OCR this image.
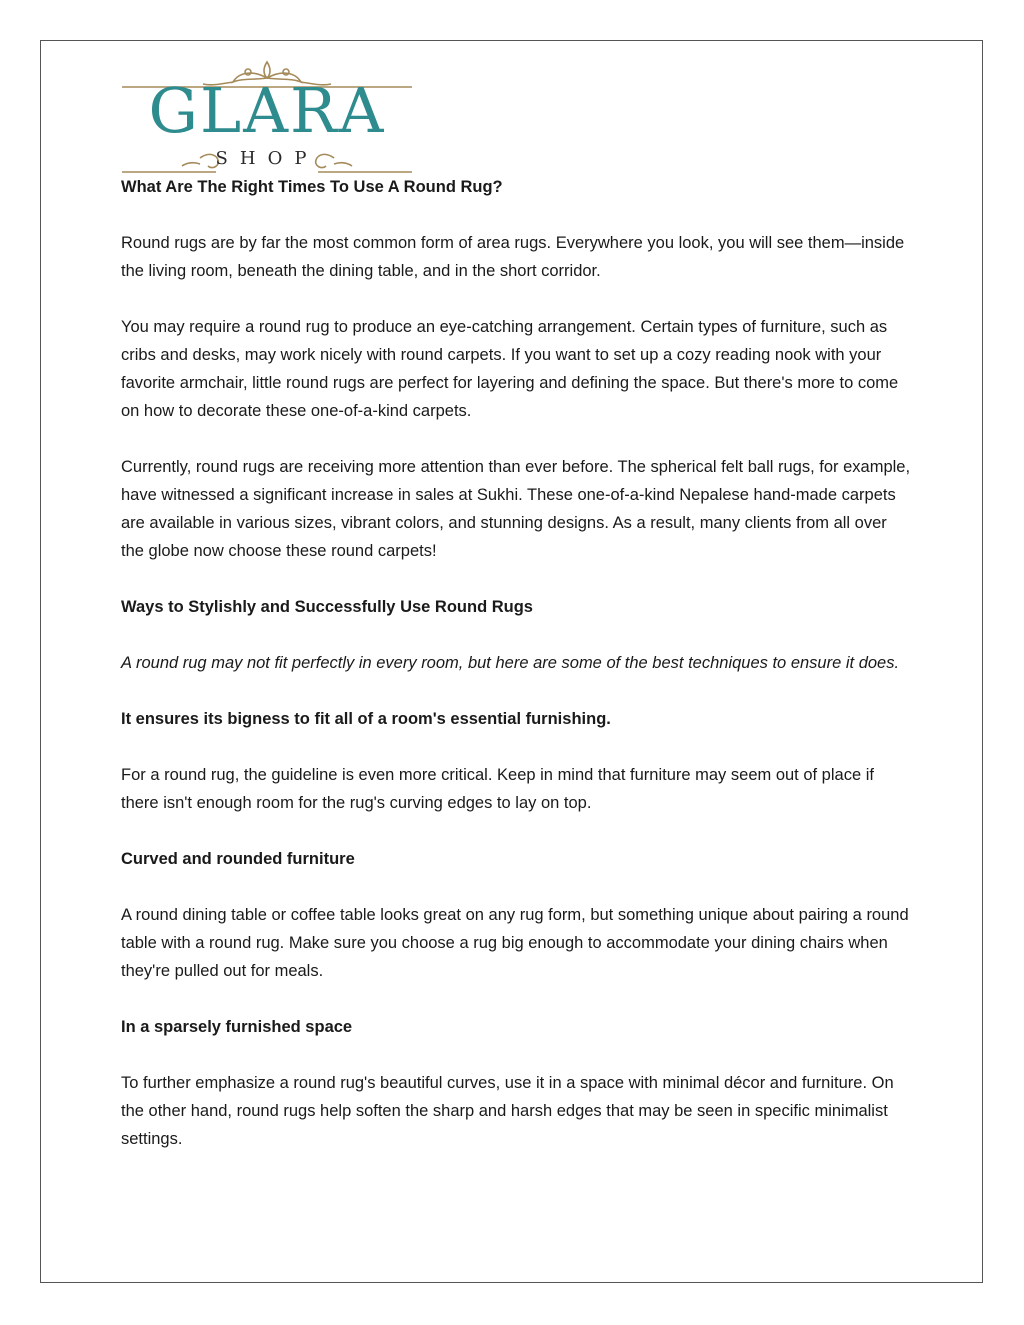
GLARA
SHOP
What Are The Right Times To Use A Round Rug?

Round rugs are by far the most common form of area rugs. Everywhere you look, you will see them—inside the living room, beneath the dining table, and in the short corridor.

You may require a round rug to produce an eye-catching arrangement. Certain types of furniture, such as cribs and desks, may work nicely with round carpets. If you want to set up a cozy reading nook with your favorite armchair, little round rugs are perfect for layering and defining the space. But there's more to come on how to decorate these one-of-a-kind carpets.

Currently, round rugs are receiving more attention than ever before. The spherical felt ball rugs, for example, have witnessed a significant increase in sales at Sukhi. These one-of-a-kind Nepalese hand-made carpets are available in various sizes, vibrant colors, and stunning designs. As a result, many clients from all over the globe now choose these round carpets!

Ways to Stylishly and Successfully Use Round Rugs

A round rug may not fit perfectly in every room, but here are some of the best techniques to ensure it does.

It ensures its bigness to fit all of a room's essential furnishing.

For a round rug, the guideline is even more critical. Keep in mind that furniture may seem out of place if there isn't enough room for the rug's curving edges to lay on top.

Curved and rounded furniture

A round dining table or coffee table looks great on any rug form, but something unique about pairing a round table with a round rug. Make sure you choose a rug big enough to accommodate your dining chairs when they're pulled out for meals.

In a sparsely furnished space

To further emphasize a round rug's beautiful curves, use it in a space with minimal décor and furniture. On the other hand, round rugs help soften the sharp and harsh edges that may be seen in specific minimalist settings.
